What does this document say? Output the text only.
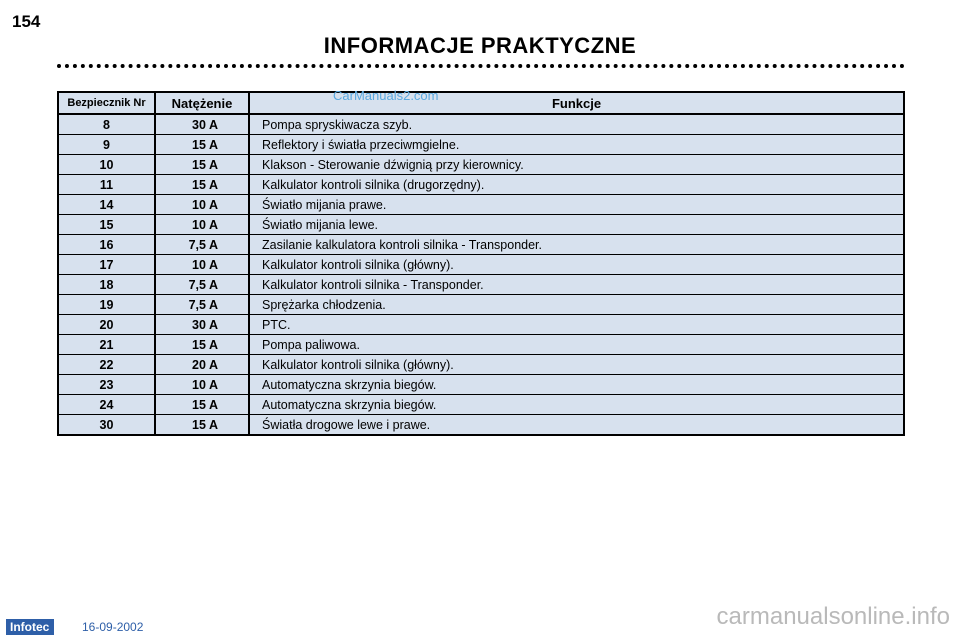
154
INFORMACJE PRAKTYCZNE
Bezpiecznik Nr	Natężenie	Funkcje
8	30 A	Pompa spryskiwacza szyb.
9	15 A	Reflektory i światła przeciwmgielne.
10	15 A	Klakson - Sterowanie dźwignią przy kierownicy.
11	15 A	Kalkulator kontroli silnika (drugorzędny).
14	10 A	Światło mijania prawe.
15	10 A	Światło mijania lewe.
16	7,5 A	Zasilanie kalkulatora kontroli silnika - Transponder.
17	10 A	Kalkulator kontroli silnika (główny).
18	7,5 A	Kalkulator kontroli silnika - Transponder.
19	7,5 A	Sprężarka chłodzenia.
20	30 A	PTC.
21	15 A	Pompa paliwowa.
22	20 A	Kalkulator kontroli silnika (główny).
23	10 A	Automatyczna skrzynia biegów.
24	15 A	Automatyczna skrzynia biegów.
30	15 A	Światła drogowe lewe i prawe.
CarManuals2.com
Infotec	16-09-2002	carmanualsonline.info
